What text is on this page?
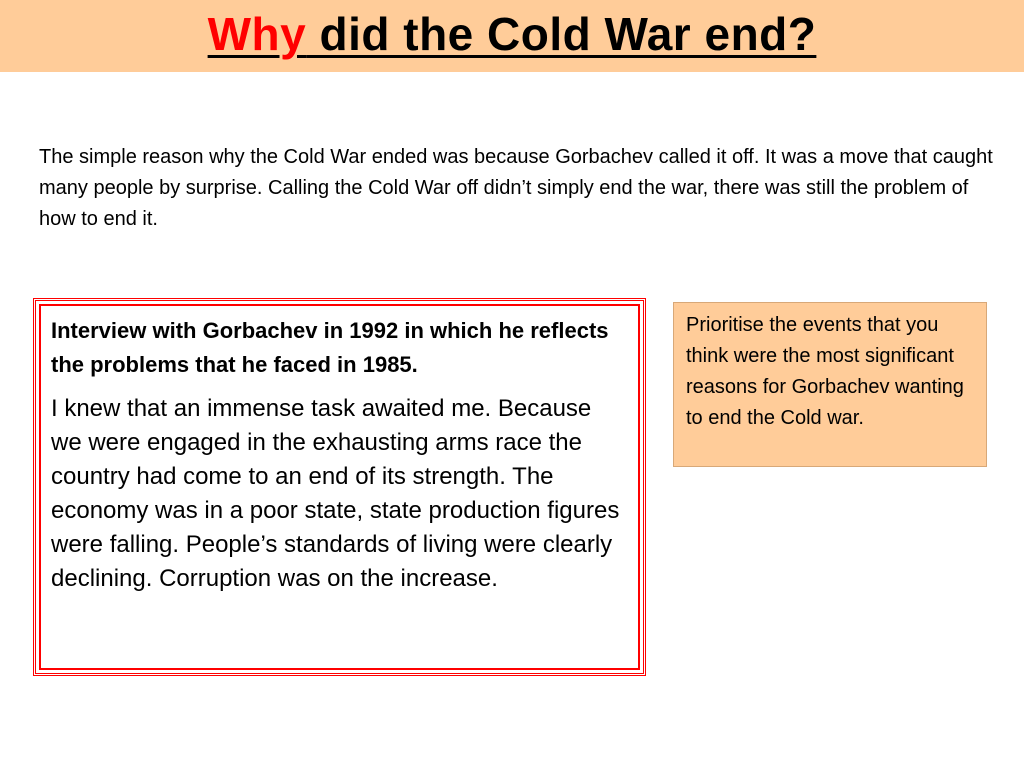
Why did the Cold War end?

The simple reason why the Cold War ended was because Gorbachev called it off. It was a move that caught many people by surprise. Calling the Cold War off didn’t simply end the war, there was still the problem of how to end it.

Interview with Gorbachev in 1992 in which he reflects the problems that he faced in 1985.

I knew that an immense task awaited me. Because we were engaged in the exhausting arms race the country had come to an end of its strength. The economy was in a poor state, state production figures were falling. People’s standards of living were clearly declining. Corruption was on the increase.

Prioritise the events that you think were the most significant reasons for Gorbachev wanting to end the Cold war.
